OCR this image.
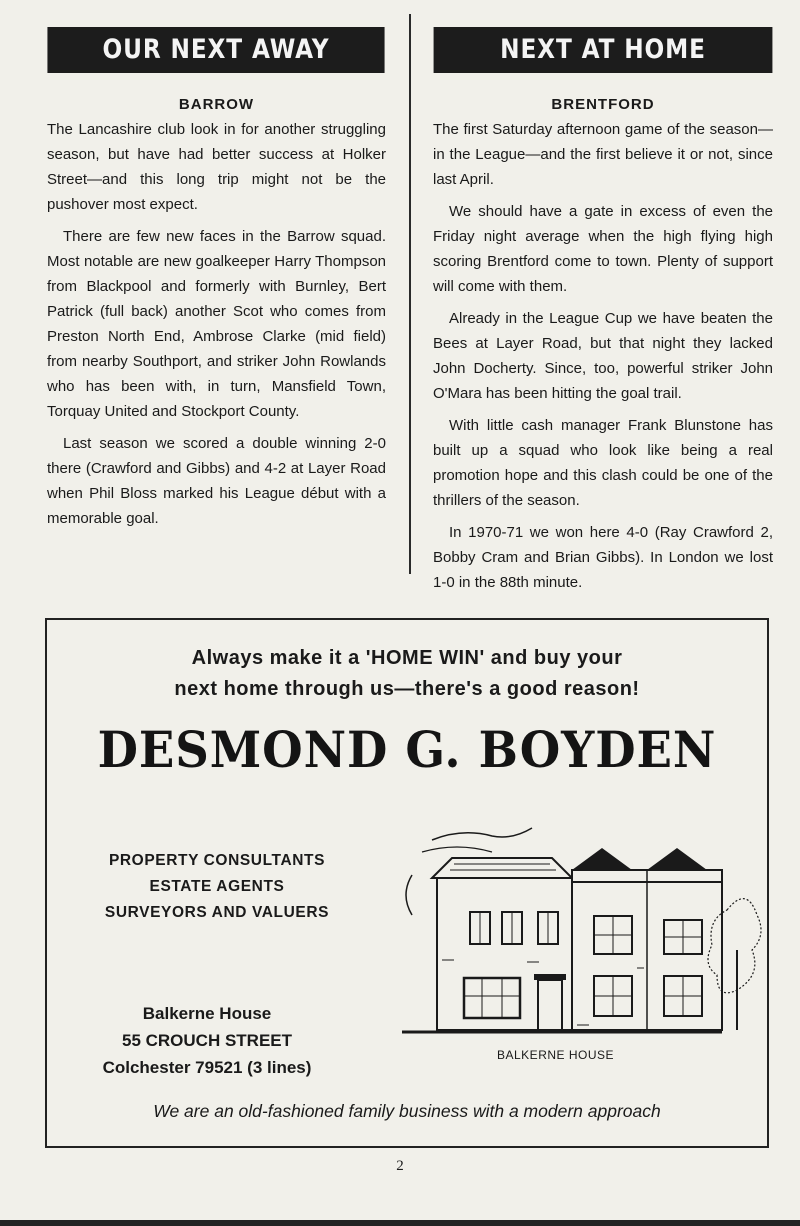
OUR NEXT AWAY
BARROW

The Lancashire club look in for another struggling season, but have had better success at Holker Street—and this long trip might not be the pushover most expect.

There are few new faces in the Barrow squad. Most notable are new goalkeeper Harry Thompson from Blackpool and formerly with Burnley, Bert Patrick (full back) another Scot who comes from Preston North End, Ambrose Clarke (mid field) from nearby Southport, and striker John Rowlands who has been with, in turn, Mansfield Town, Torquay United and Stockport County.

Last season we scored a double winning 2-0 there (Crawford and Gibbs) and 4-2 at Layer Road when Phil Bloss marked his League début with a memorable goal.

NEXT AT HOME
BRENTFORD

The first Saturday afternoon game of the season—in the League—and the first believe it or not, since last April.

We should have a gate in excess of even the Friday night average when the high flying high scoring Brentford come to town. Plenty of support will come with them.

Already in the League Cup we have beaten the Bees at Layer Road, but that night they lacked John Docherty. Since, too, powerful striker John O'Mara has been hitting the goal trail.

With little cash manager Frank Blunstone has built up a squad who look like being a real promotion hope and this clash could be one of the thrillers of the season.

In 1970-71 we won here 4-0 (Ray Crawford 2, Bobby Cram and Brian Gibbs). In London we lost 1-0 in the 88th minute.

Always make it a 'HOME WIN' and buy your
next home through us—there's a good reason!
DESMOND G. BOYDEN
PROPERTY CONSULTANTS
ESTATE AGENTS
SURVEYORS AND VALUERS
Balkerne House
55 CROUCH STREET
Colchester 79521 (3 lines)
BALKERNE HOUSE
We are an old-fashioned family business with a modern approach
2
